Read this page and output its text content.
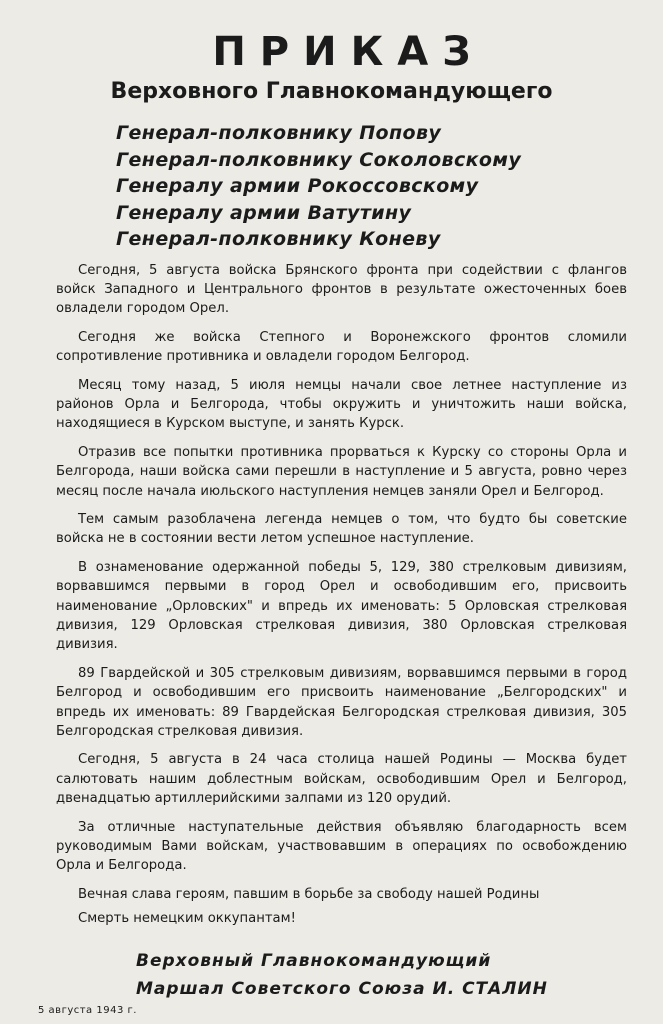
ПРИКАЗ
Верховного Главнокомандующего
Генерал-полковнику Попову
Генерал-полковнику Соколовскому
Генералу армии Рокоссовскому
Генералу армии Ватутину
Генерал-полковнику Коневу

Сегодня, 5 августа войска Брянского фронта при содействии с флангов войск Западного и Центрального фронтов в результате ожесточенных боев овладели городом Орел.

Сегодня же войска Степного и Воронежского фронтов сломили сопротивление противника и овладели городом Белгород.

Месяц тому назад, 5 июля немцы начали свое летнее наступление из районов Орла и Белгорода, чтобы окружить и уничтожить наши войска, находящиеся в Курском выступе, и занять Курск.

Отразив все попытки противника прорваться к Курску со стороны Орла и Белгорода, наши войска сами перешли в наступление и 5 августа, ровно через месяц после начала июльского наступления немцев заняли Орел и Белгород.

Тем самым разоблачена легенда немцев о том, что будто бы советские войска не в состоянии вести летом успешное наступление.

В ознаменование одержанной победы 5, 129, 380 стрелковым дивизиям, ворвавшимся первыми в город Орел и освободившим его, присвоить наименование „Орловских" и впредь их именовать: 5 Орловская стрелковая дивизия, 129 Орловская стрелковая дивизия, 380 Орловская стрелковая дивизия.

89 Гвардейской и 305 стрелковым дивизиям, ворвавшимся первыми в город Белгород и освободившим его присвоить наименование „Белгородских" и впредь их именовать: 89 Гвардейская Белгородская стрелковая дивизия, 305 Белгородская стрелковая дивизия.

Сегодня, 5 августа в 24 часа столица нашей Родины — Москва будет салютовать нашим доблестным войскам, освободившим Орел и Белгород, двенадцатью артиллерийскими залпами из 120 орудий.

За отличные наступательные действия объявляю благодарность всем руководимым Вами войскам, участвовавшим в операциях по освобождению Орла и Белгорода.

Вечная слава героям, павшим в борьбе за свободу нашей Родины

Смерть немецким оккупантам!

Верховный Главнокомандующий
Маршал Советского Союза И. СТАЛИН
5 августа 1943 г.
